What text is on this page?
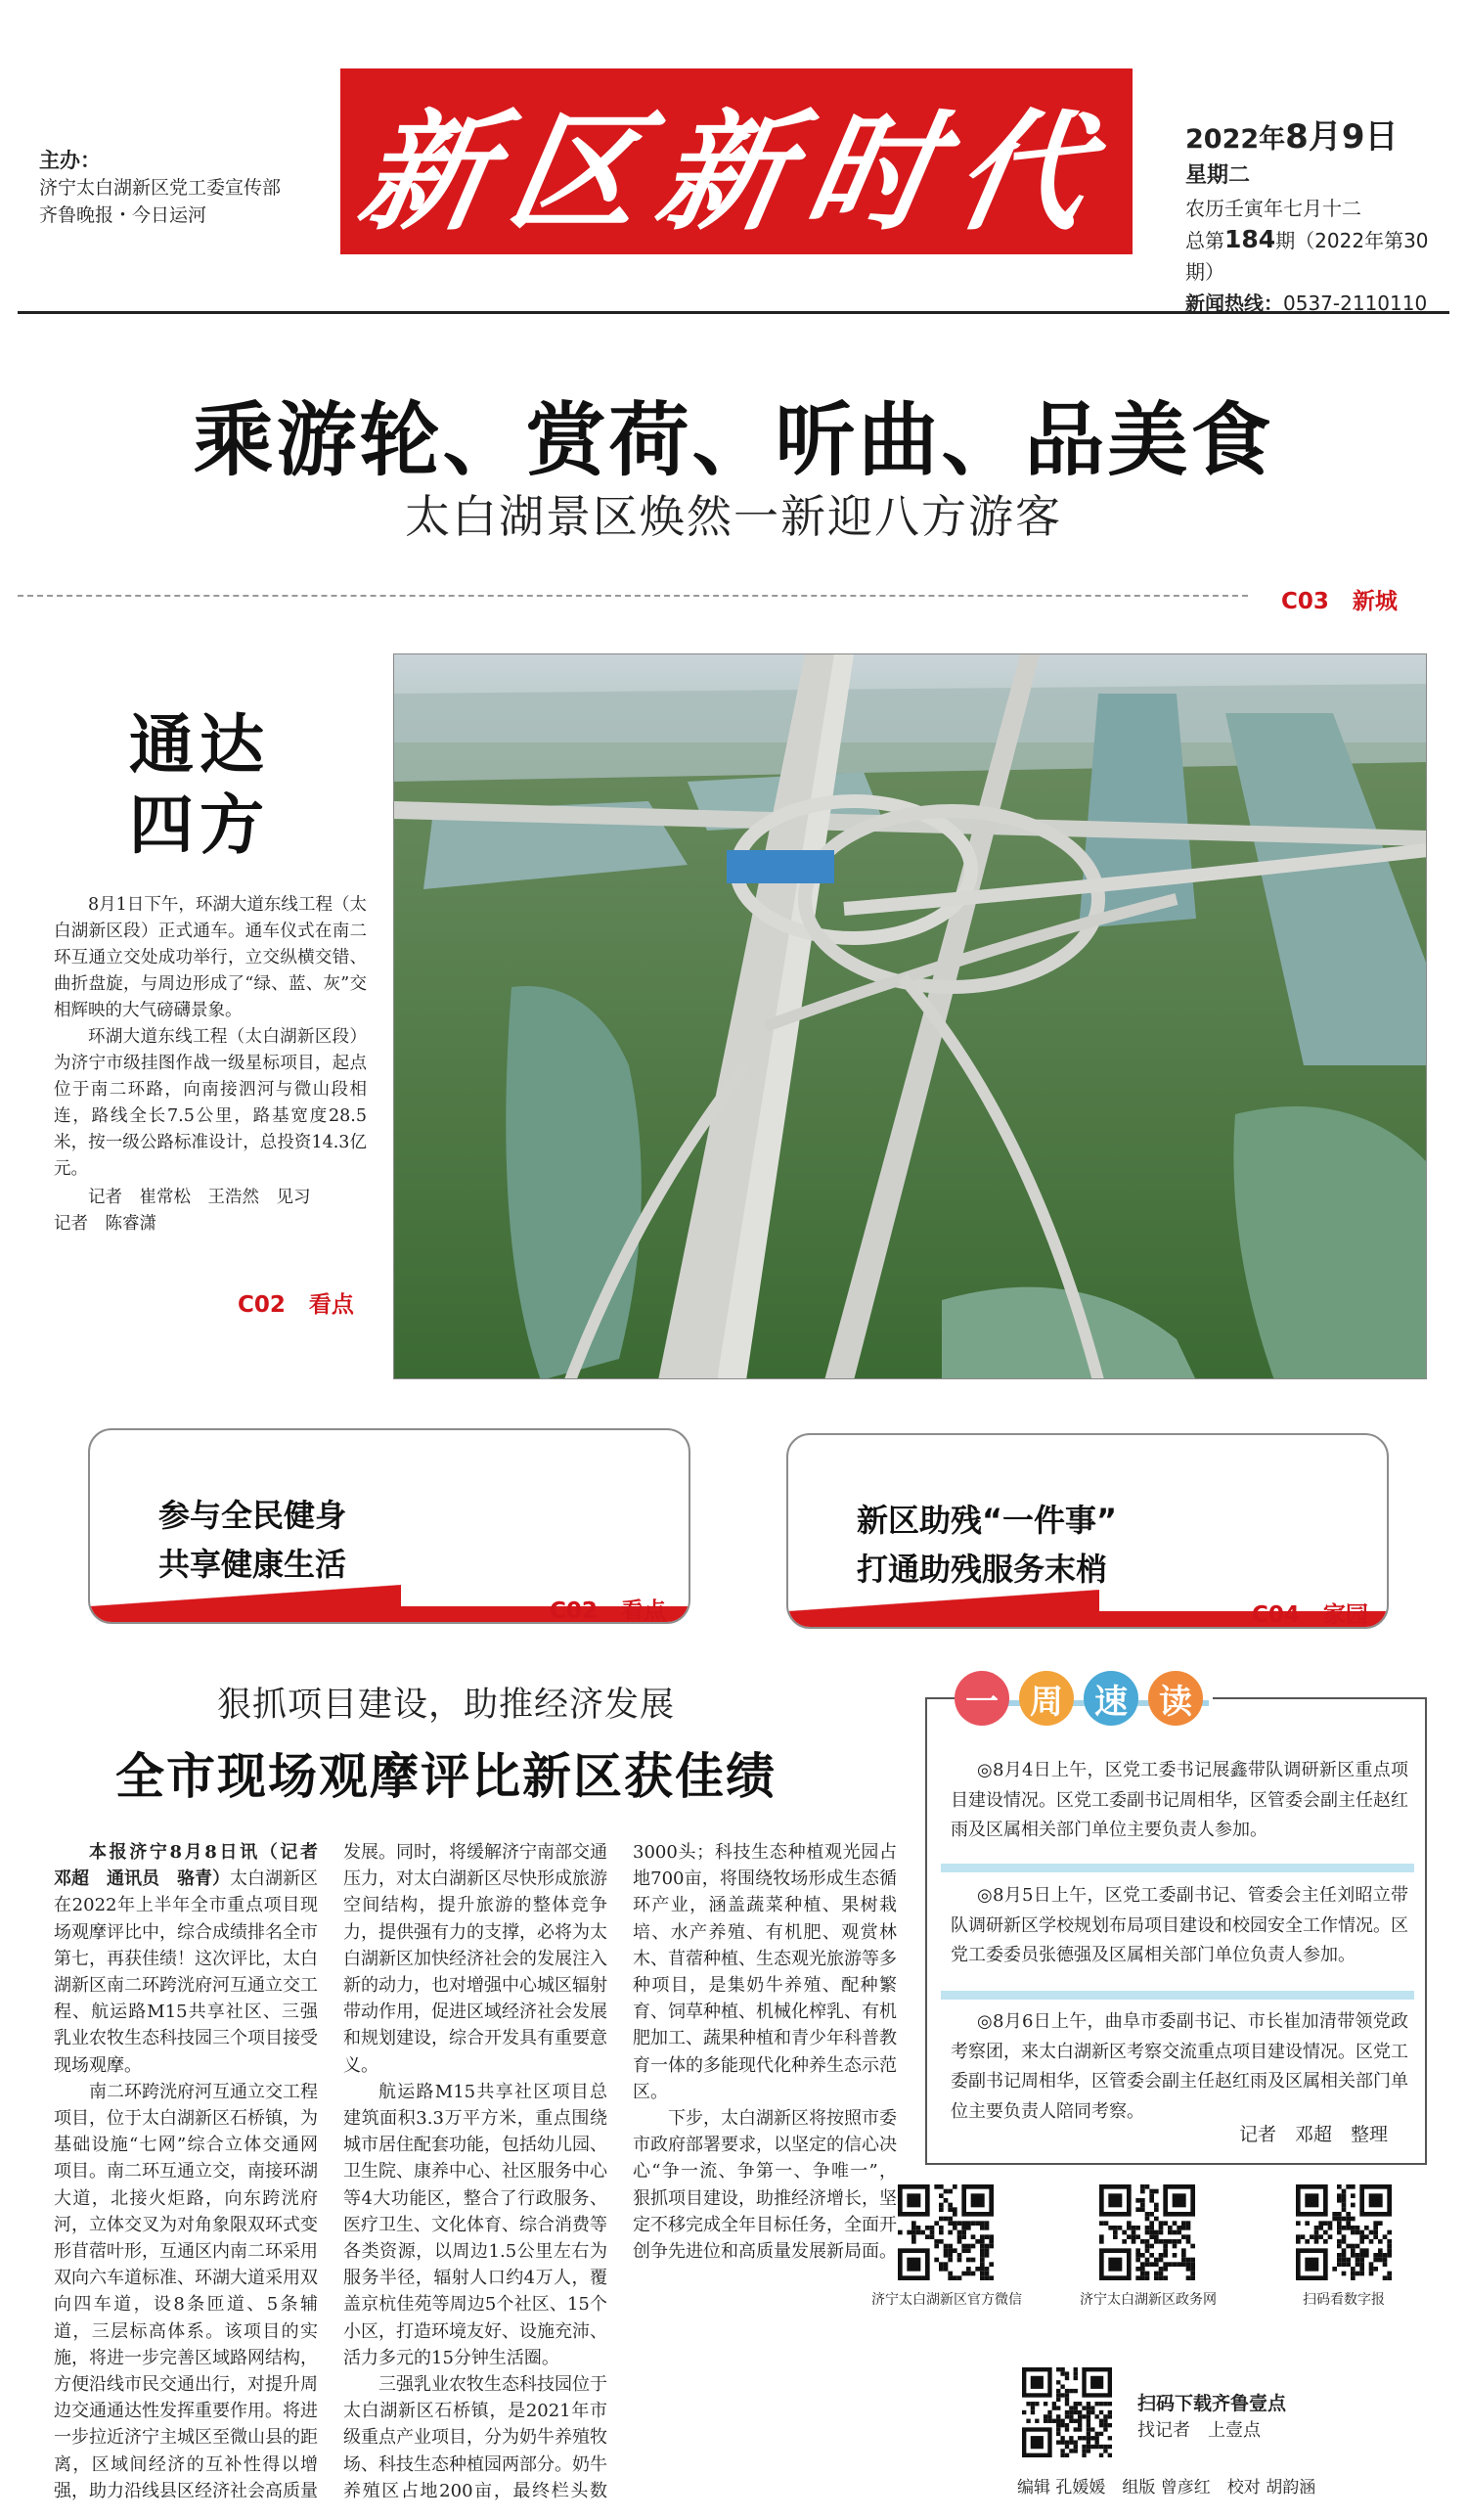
主办：
济宁太白湖新区党工委宣传部
齐鲁晚报・今日运河	新区新时代 2022年8月9日
星期二
农历壬寅年七月十二
总第184期（2022年第30期）
新闻热线：0537-2110110
乘游轮、赏荷、听曲、品美食
太白湖景区焕然一新迎八方游客
C03 新城
通达
四方

8月1日下午，环湖大道东线工程（太白湖新区段）正式通车。通车仪式在南二环互通立交处成功举行，立交纵横交错、曲折盘旋，与周边形成了“绿、蓝、灰”交相辉映的大气磅礴景象。

环湖大道东线工程（太白湖新区段）为济宁市级挂图作战一级星标项目，起点位于南二环路，向南接泗河与微山段相连，路线全长7.5公里，路基宽度28.5米，按一级公路标准设计，总投资14.3亿元。

记者　崔常松　王浩然　见习

记者　陈睿潇
C02 看点
参与全民健身
共享健康生活
C02 看点
新区助残“一件事”
打通助残服务末梢
C04 家园
狠抓项目建设，助推经济发展
全市现场观摩评比新区获佳绩

本报济宁8月8日讯（记者　邓超　通讯员　骆青）太白湖新区在2022年上半年全市重点项目现场观摩评比中，综合成绩排名全市第七，再获佳绩！这次评比，太白湖新区南二环跨洸府河互通立交工程、航运路M15共享社区、三强乳业农牧生态科技园三个项目接受现场观摩。

南二环跨洸府河互通立交工程项目，位于太白湖新区石桥镇，为基础设施“七网”综合立体交通网项目。南二环互通立交，南接环湖大道，北接火炬路，向东跨洸府河，立体交叉为对角象限双环式变形苜蓿叶形，互通区内南二环采用双向六车道标准、环湖大道采用双向四车道，设8条匝道、5条辅道，三层标高体系。该项目的实施，将进一步完善区域路网结构，方便沿线市民交通出行，对提升周边交通通达性发挥重要作用。将进一步拉近济宁主城区至微山县的距离，区域间经济的互补性得以增强，助力沿线县区经济社会高质量发展。同时，将缓解济宁南部交通压力，对太白湖新区尽快形成旅游空间结构，提升旅游的整体竞争力，提供强有力的支撑，必将为太白湖新区加快经济社会的发展注入新的动力，也对增强中心城区辐射带动作用，促进区域经济社会发展和规划建设，综合开发具有重要意义。

航运路M15共享社区项目总建筑面积3.3万平方米，重点围绕城市居住配套功能，包括幼儿园、卫生院、康养中心、社区服务中心等4大功能区，整合了行政服务、医疗卫生、文化体育、综合消费等各类资源，以周边1.5公里左右为服务半径，辐射人口约4万人，覆盖京杭佳苑等周边5个社区、15个小区，打造环境友好、设施充沛、活力多元的15分钟生活圈。

三强乳业农牧生态科技园位于太白湖新区石桥镇，是2021年市级重点产业项目，分为奶牛养殖牧场、科技生态种植园两部分。奶牛养殖区占地200亩，最终栏头数3000头；科技生态种植观光园占地700亩，将围绕牧场形成生态循环产业，涵盖蔬菜种植、果树栽培、水产养殖、有机肥、观赏林木、苜蓿种植、生态观光旅游等多种项目，是集奶牛养殖、配种繁育、饲草种植、机械化榨乳、有机肥加工、蔬果种植和青少年科普教育一体的多能现代化种养生态示范区。

下步，太白湖新区将按照市委市政府部署要求，以坚定的信心决心“争一流、争第一、争唯一”，狠抓项目建设，助推经济增长，坚定不移完成全年目标任务，全面开创争先进位和高质量发展新局面。

◎8月4日上午，区党工委书记展鑫带队调研新区重点项目建设情况。区党工委副书记周相华，区管委会副主任赵红雨及区属相关部门单位主要负责人参加。

◎8月5日上午，区党工委副书记、管委会主任刘昭立带队调研新区学校规划布局项目建设和校园安全工作情况。区党工委委员张德强及区属相关部门单位负责人参加。

◎8月6日上午，曲阜市委副书记、市长崔加清带领党政考察团，来太白湖新区考察交流重点项目建设情况。区党工委副书记周相华，区管委会副主任赵红雨及区属相关部门单位主要负责人陪同考察。

记者　邓超　整理
一 周 速 读
济宁太白湖新区官方微信	济宁太白湖新区政务网	扫码看数字报
扫码下载齐鲁壹点
找记者　上壹点
编辑 孔媛媛　组版 曾彦红　校对 胡韵涵
